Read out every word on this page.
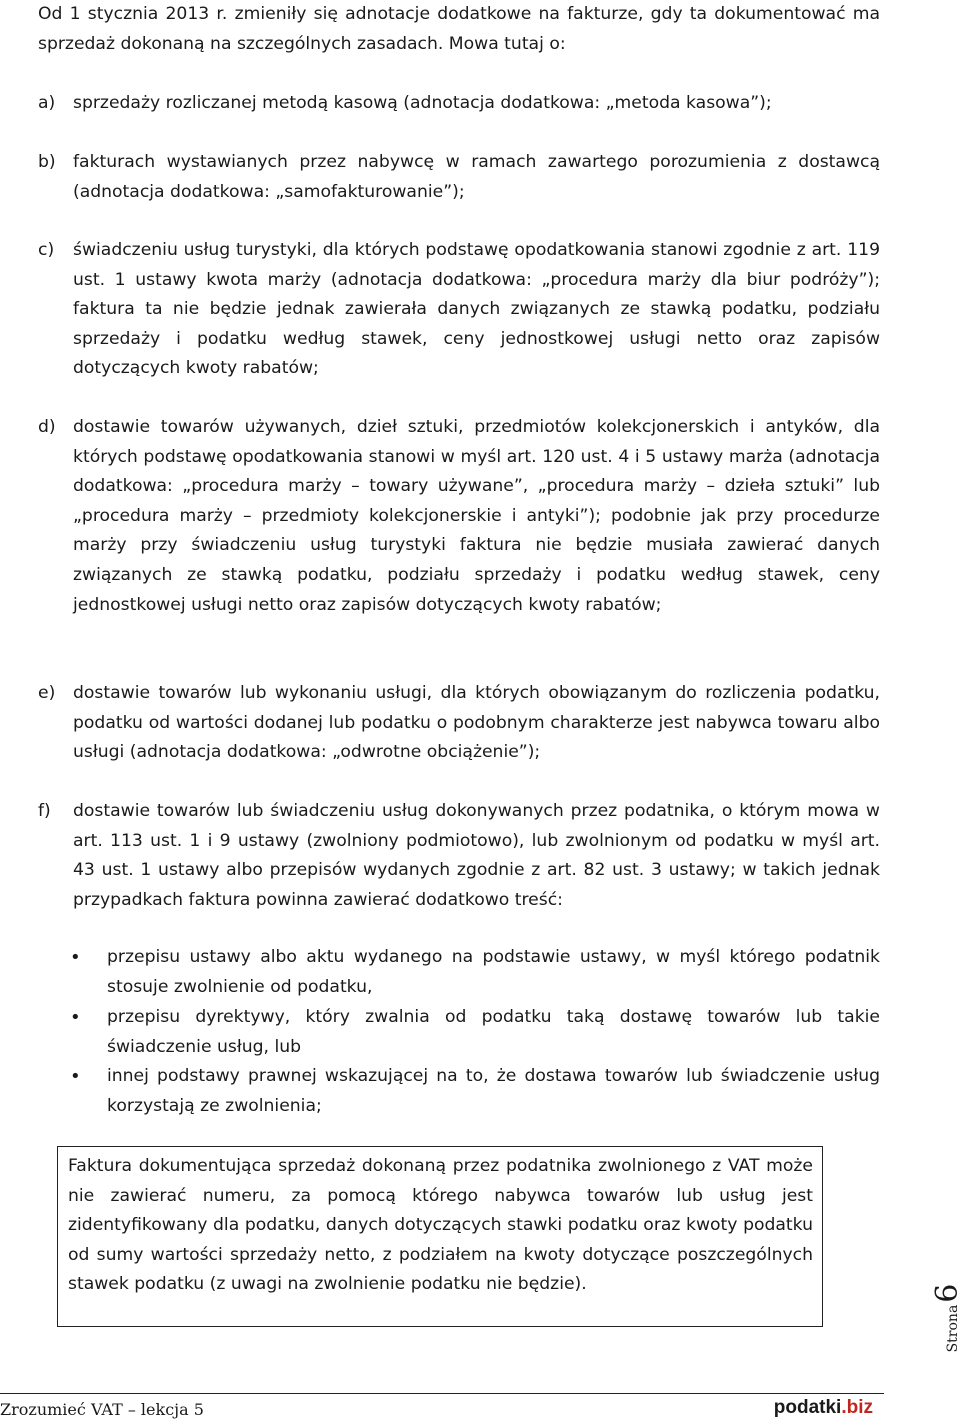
Od 1 stycznia 2013 r. zmieniły się adnotacje dodatkowe na fakturze, gdy ta dokumentować ma sprzedaż dokonaną na szczególnych zasadach. Mowa tutaj o:

a) sprzedaży rozliczanej metodą kasową (adnotacja dodatkowa: „metoda kasowa”);

b) fakturach wystawianych przez nabywcę w ramach zawartego porozumienia z dostawcą (adnotacja dodatkowa: „samofakturowanie”);

c) świadczeniu usług turystyki, dla których podstawę opodatkowania stanowi zgodnie z art. 119 ust. 1 ustawy kwota marży (adnotacja dodatkowa: „procedura marży dla biur podróży”); faktura ta nie będzie jednak zawierała danych związanych ze stawką podatku, podziału sprzedaży i podatku według stawek, ceny jednostkowej usługi netto oraz zapisów dotyczących kwoty rabatów;

d) dostawie towarów używanych, dzieł sztuki, przedmiotów kolekcjonerskich i antyków, dla których podstawę opodatkowania stanowi w myśl art. 120 ust. 4 i 5 ustawy marża (adnotacja dodatkowa: „procedura marży – towary używane”, „procedura marży – dzieła sztuki” lub „procedura marży – przedmioty kolekcjonerskie i antyki”); podobnie jak przy procedurze marży przy świadczeniu usług turystyki faktura nie będzie musiała zawierać danych związanych ze stawką podatku, podziału sprzedaży i podatku według stawek, ceny jednostkowej usługi netto oraz zapisów dotyczących kwoty rabatów;

e) dostawie towarów lub wykonaniu usługi, dla których obowiązanym do rozliczenia podatku, podatku od wartości dodanej lub podatku o podobnym charakterze jest nabywca towaru albo usługi (adnotacja dodatkowa: „odwrotne obciążenie”);

f) dostawie towarów lub świadczeniu usług dokonywanych przez podatnika, o którym mowa w art. 113 ust. 1 i 9 ustawy (zwolniony podmiotowo), lub zwolnionym od podatku w myśl art. 43 ust. 1 ustawy albo przepisów wydanych zgodnie z art. 82 ust. 3 ustawy; w takich jednak przypadkach faktura powinna zawierać dodatkowo treść:

• przepisu ustawy albo aktu wydanego na podstawie ustawy, w myśl którego podatnik stosuje zwolnienie od podatku,

• przepisu dyrektywy, który zwalnia od podatku taką dostawę towarów lub takie świadczenie usług, lub

• innej podstawy prawnej wskazującej na to, że dostawa towarów lub świadczenie usług korzystają ze zwolnienia;

Faktura dokumentująca sprzedaż dokonaną przez podatnika zwolnionego z VAT może nie zawierać numeru, za pomocą którego nabywca towarów lub usług jest zidentyfikowany dla podatku, danych dotyczących stawki podatku oraz kwoty podatku od sumy wartości sprzedaży netto, z podziałem na kwoty dotyczące poszczególnych stawek podatku (z uwagi na zwolnienie podatku nie będzie).

Strona6
Zrozumieć VAT – lekcja 5	podatki.biz
